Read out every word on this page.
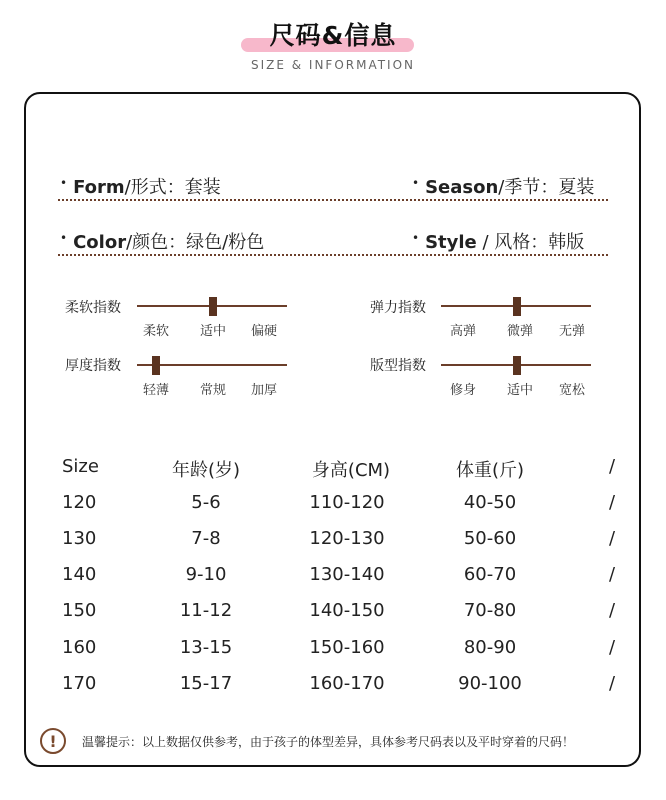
尺码&信息
SIZE & INFORMATION
• Form/形式：套装	• Season/季节：夏装
• Color/颜色：绿色/粉色	• Style / 风格：韩版
柔软指数
柔软 适中 偏硬
弹力指数
高弹 微弹 无弹
厚度指数
轻薄 常规 加厚
版型指数
修身 适中 宽松
Size	年龄(岁)	身高(CM)	体重(斤)	/
120	5-6	110-120	40-50	/
130	7-8	120-130	50-60	/
140	9-10	130-140	60-70	/
150	11-12	140-150	70-80	/
160	13-15	150-160	80-90	/
170	15-17	160-170	90-100	/
!	温馨提示：以上数据仅供参考，由于孩子的体型差异，具体参考尺码表以及平时穿着的尺码！
